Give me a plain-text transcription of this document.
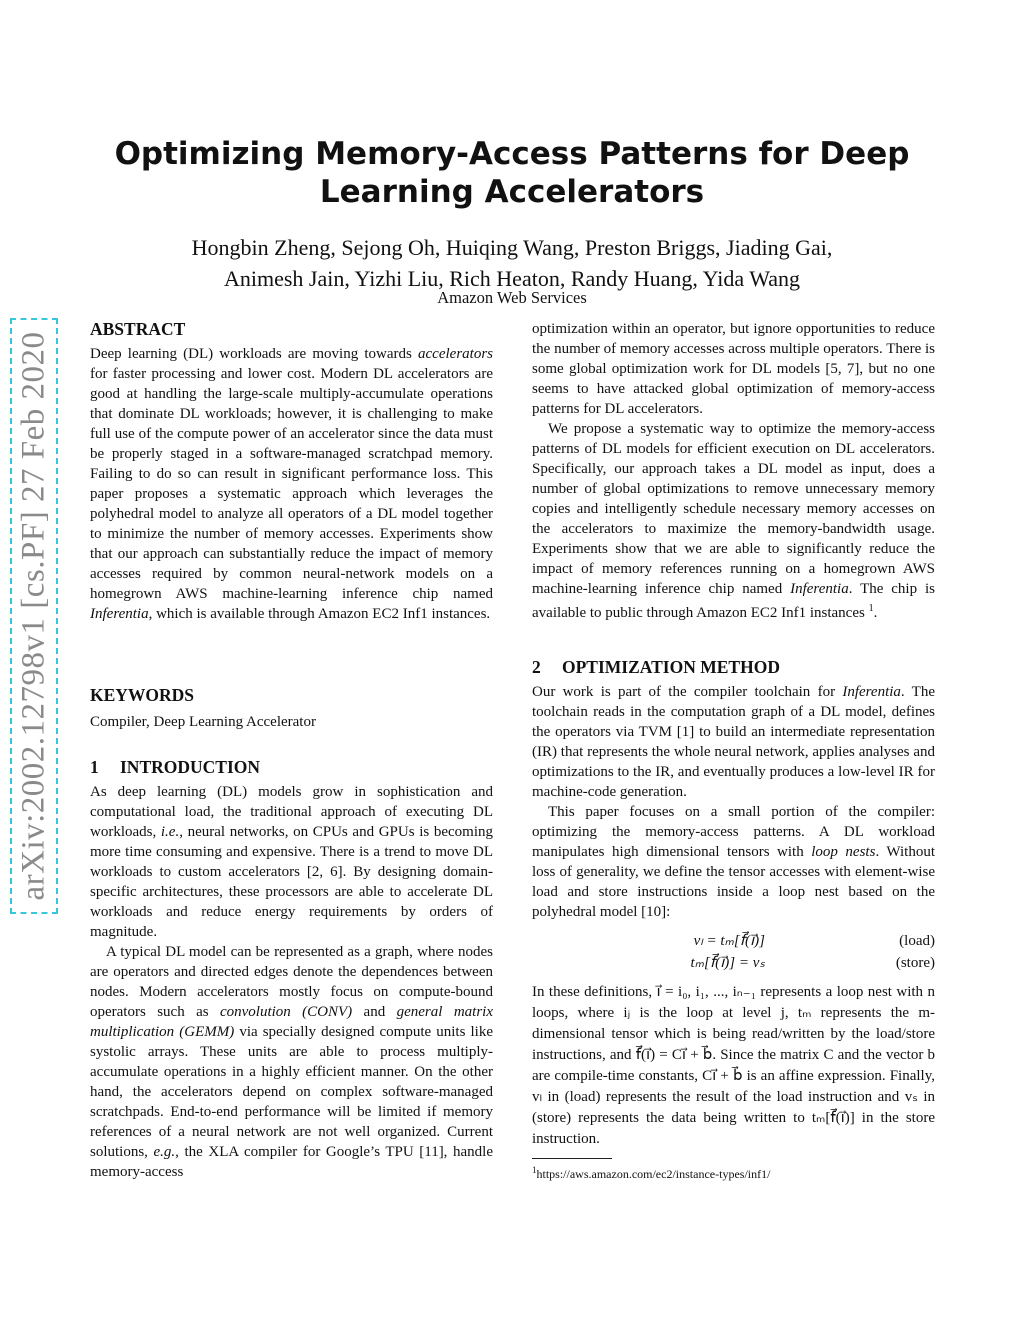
arXiv:2002.12798v1 [cs.PF] 27 Feb 2020
Optimizing Memory-Access Patterns for Deep
Learning Accelerators
Hongbin Zheng, Sejong Oh, Huiqing Wang, Preston Briggs, Jiading Gai,
Animesh Jain, Yizhi Liu, Rich Heaton, Randy Huang, Yida Wang
Amazon Web Services
ABSTRACT

Deep learning (DL) workloads are moving towards accelerators for faster processing and lower cost. Modern DL accelerators are good at handling the large-scale multiply-accumulate operations that dominate DL workloads; however, it is challenging to make full use of the compute power of an accelerator since the data must be properly staged in a software-managed scratchpad memory. Failing to do so can result in significant performance loss. This paper proposes a systematic approach which leverages the polyhedral model to analyze all operators of a DL model together to minimize the number of memory accesses. Experiments show that our approach can substantially reduce the impact of memory accesses required by common neural-network models on a homegrown AWS machine-learning inference chip named Inferentia, which is available through Amazon EC2 Inf1 instances.

KEYWORDS

Compiler, Deep Learning Accelerator

1 INTRODUCTION

As deep learning (DL) models grow in sophistication and computational load, the traditional approach of executing DL workloads, i.e., neural networks, on CPUs and GPUs is becoming more time consuming and expensive. There is a trend to move DL workloads to custom accelerators [2, 6]. By designing domain-specific architectures, these processors are able to accelerate DL workloads and reduce energy requirements by orders of magnitude.

A typical DL model can be represented as a graph, where nodes are operators and directed edges denote the dependences between nodes. Modern accelerators mostly focus on compute-bound operators such as convolution (CONV) and general matrix multiplication (GEMM) via specially designed compute units like systolic arrays. These units are able to process multiply-accumulate operations in a highly efficient manner. On the other hand, the accelerators depend on complex software-managed scratchpads. End-to-end performance will be limited if memory references of a neural network are not well organized. Current solutions, e.g., the XLA compiler for Google’s TPU [11], handle memory-access

optimization within an operator, but ignore opportunities to reduce the number of memory accesses across multiple operators. There is some global optimization work for DL models [5, 7], but no one seems to have attacked global optimization of memory-access patterns for DL accelerators.

We propose a systematic way to optimize the memory-access patterns of DL models for efficient execution on DL accelerators. Specifically, our approach takes a DL model as input, does a number of global optimizations to remove unnecessary memory copies and intelligently schedule necessary memory accesses on the accelerators to maximize the memory-bandwidth usage. Experiments show that we are able to significantly reduce the impact of memory references running on a homegrown AWS machine-learning inference chip named Inferentia. The chip is available to public through Amazon EC2 Inf1 instances $^1$.

2 OPTIMIZATION METHOD

Our work is part of the compiler toolchain for Inferentia. The toolchain reads in the computation graph of a DL model, defines the operators via TVM [1] to build an intermediate representation (IR) that represents the whole neural network, applies analyses and optimizations to the IR, and eventually produces a low-level IR for machine-code generation.

This paper focuses on a small portion of the compiler: optimizing the memory-access patterns. A DL workload manipulates high dimensional tensors with loop nests. Without loss of generality, we define the tensor accesses with element-wise load and store instructions inside a loop nest based on the polyhedral model [10]:

vₗ = tₘ[f⃗(i⃗)]	(load)
tₘ[f⃗(i⃗)] = vₛ	(store)

In these definitions, i⃗ = i₀, i₁, ..., iₙ₋₁ represents a loop nest with n loops, where iⱼ is the loop at level j, tₘ represents the m-dimensional tensor which is being read/written by the load/store instructions, and f⃗(i⃗) = Ci⃗ + b⃗. Since the matrix C and the vector b are compile-time constants, Ci⃗ + b⃗ is an affine expression. Finally, vₗ in (load) represents the result of the load instruction and vₛ in (store) represents the data being written to tₘ[f⃗(i⃗)] in the store instruction.

$^1$https://aws.amazon.com/ec2/instance-types/inf1/
